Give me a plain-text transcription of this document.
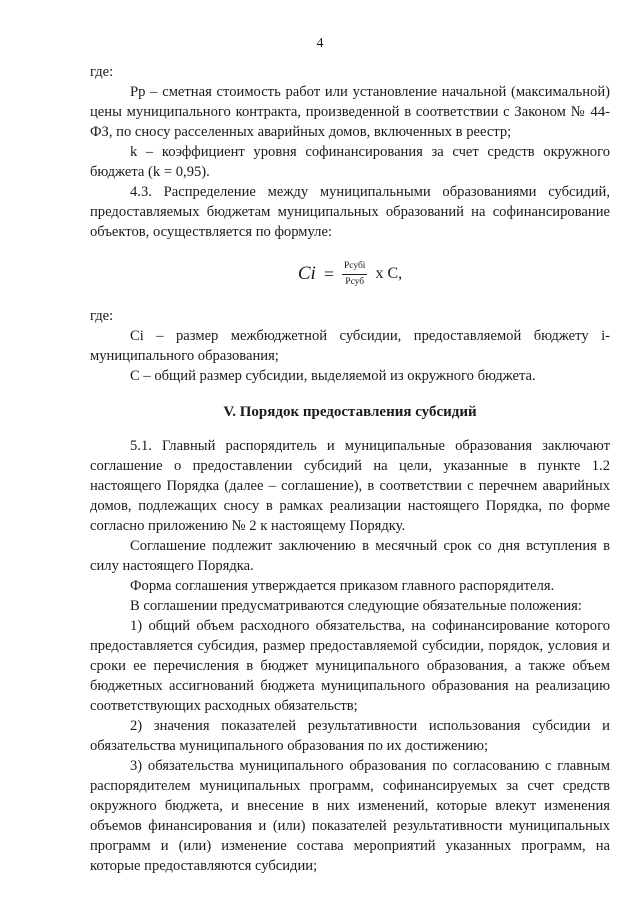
4

где:

Рр – сметная стоимость работ или установление начальной (максимальной) цены муниципального контракта, произведенной в соответствии с Законом № 44-ФЗ, по сносу расселенных аварийных домов, включенных в реестр;

k – коэффициент уровня софинансирования за счет средств окружного бюджета (k = 0,95).

4.3. Распределение между муниципальными образованиями субсидий, предоставляемых бюджетам муниципальных образований на софинансирование объектов, осуществляется по формуле:

$Ci = \frac{\text{Pсубi}}{\text{Pсуб}}$ x C,

где:

Ci – размер межбюджетной субсидии, предоставляемой бюджету i-муниципального образования;

С – общий размер субсидии, выделяемой из окружного бюджета.

V. Порядок предоставления субсидий

5.1. Главный распорядитель и муниципальные образования заключают соглашение о предоставлении субсидий на цели, указанные в пункте 1.2 настоящего Порядка (далее – соглашение), в соответствии с перечнем аварийных домов, подлежащих сносу в рамках реализации настоящего Порядка, по форме согласно приложению № 2 к настоящему Порядку.

Соглашение подлежит заключению в месячный срок со дня вступления в силу настоящего Порядка.

Форма соглашения утверждается приказом главного распорядителя.

В соглашении предусматриваются следующие обязательные положения:

1) общий объем расходного обязательства, на софинансирование которого предоставляется субсидия, размер предоставляемой субсидии, порядок, условия и сроки ее перечисления в бюджет муниципального образования, а также объем бюджетных ассигнований бюджета муниципального образования на реализацию соответствующих расходных обязательств;

2) значения показателей результативности использования субсидии и обязательства муниципального образования по их достижению;

3) обязательства муниципального образования по согласованию с главным распорядителем муниципальных программ, софинансируемых за счет средств окружного бюджета, и внесение в них изменений, которые влекут изменения объемов финансирования и (или) показателей результативности муниципальных программ и (или) изменение состава мероприятий указанных программ, на которые предоставляются субсидии;
